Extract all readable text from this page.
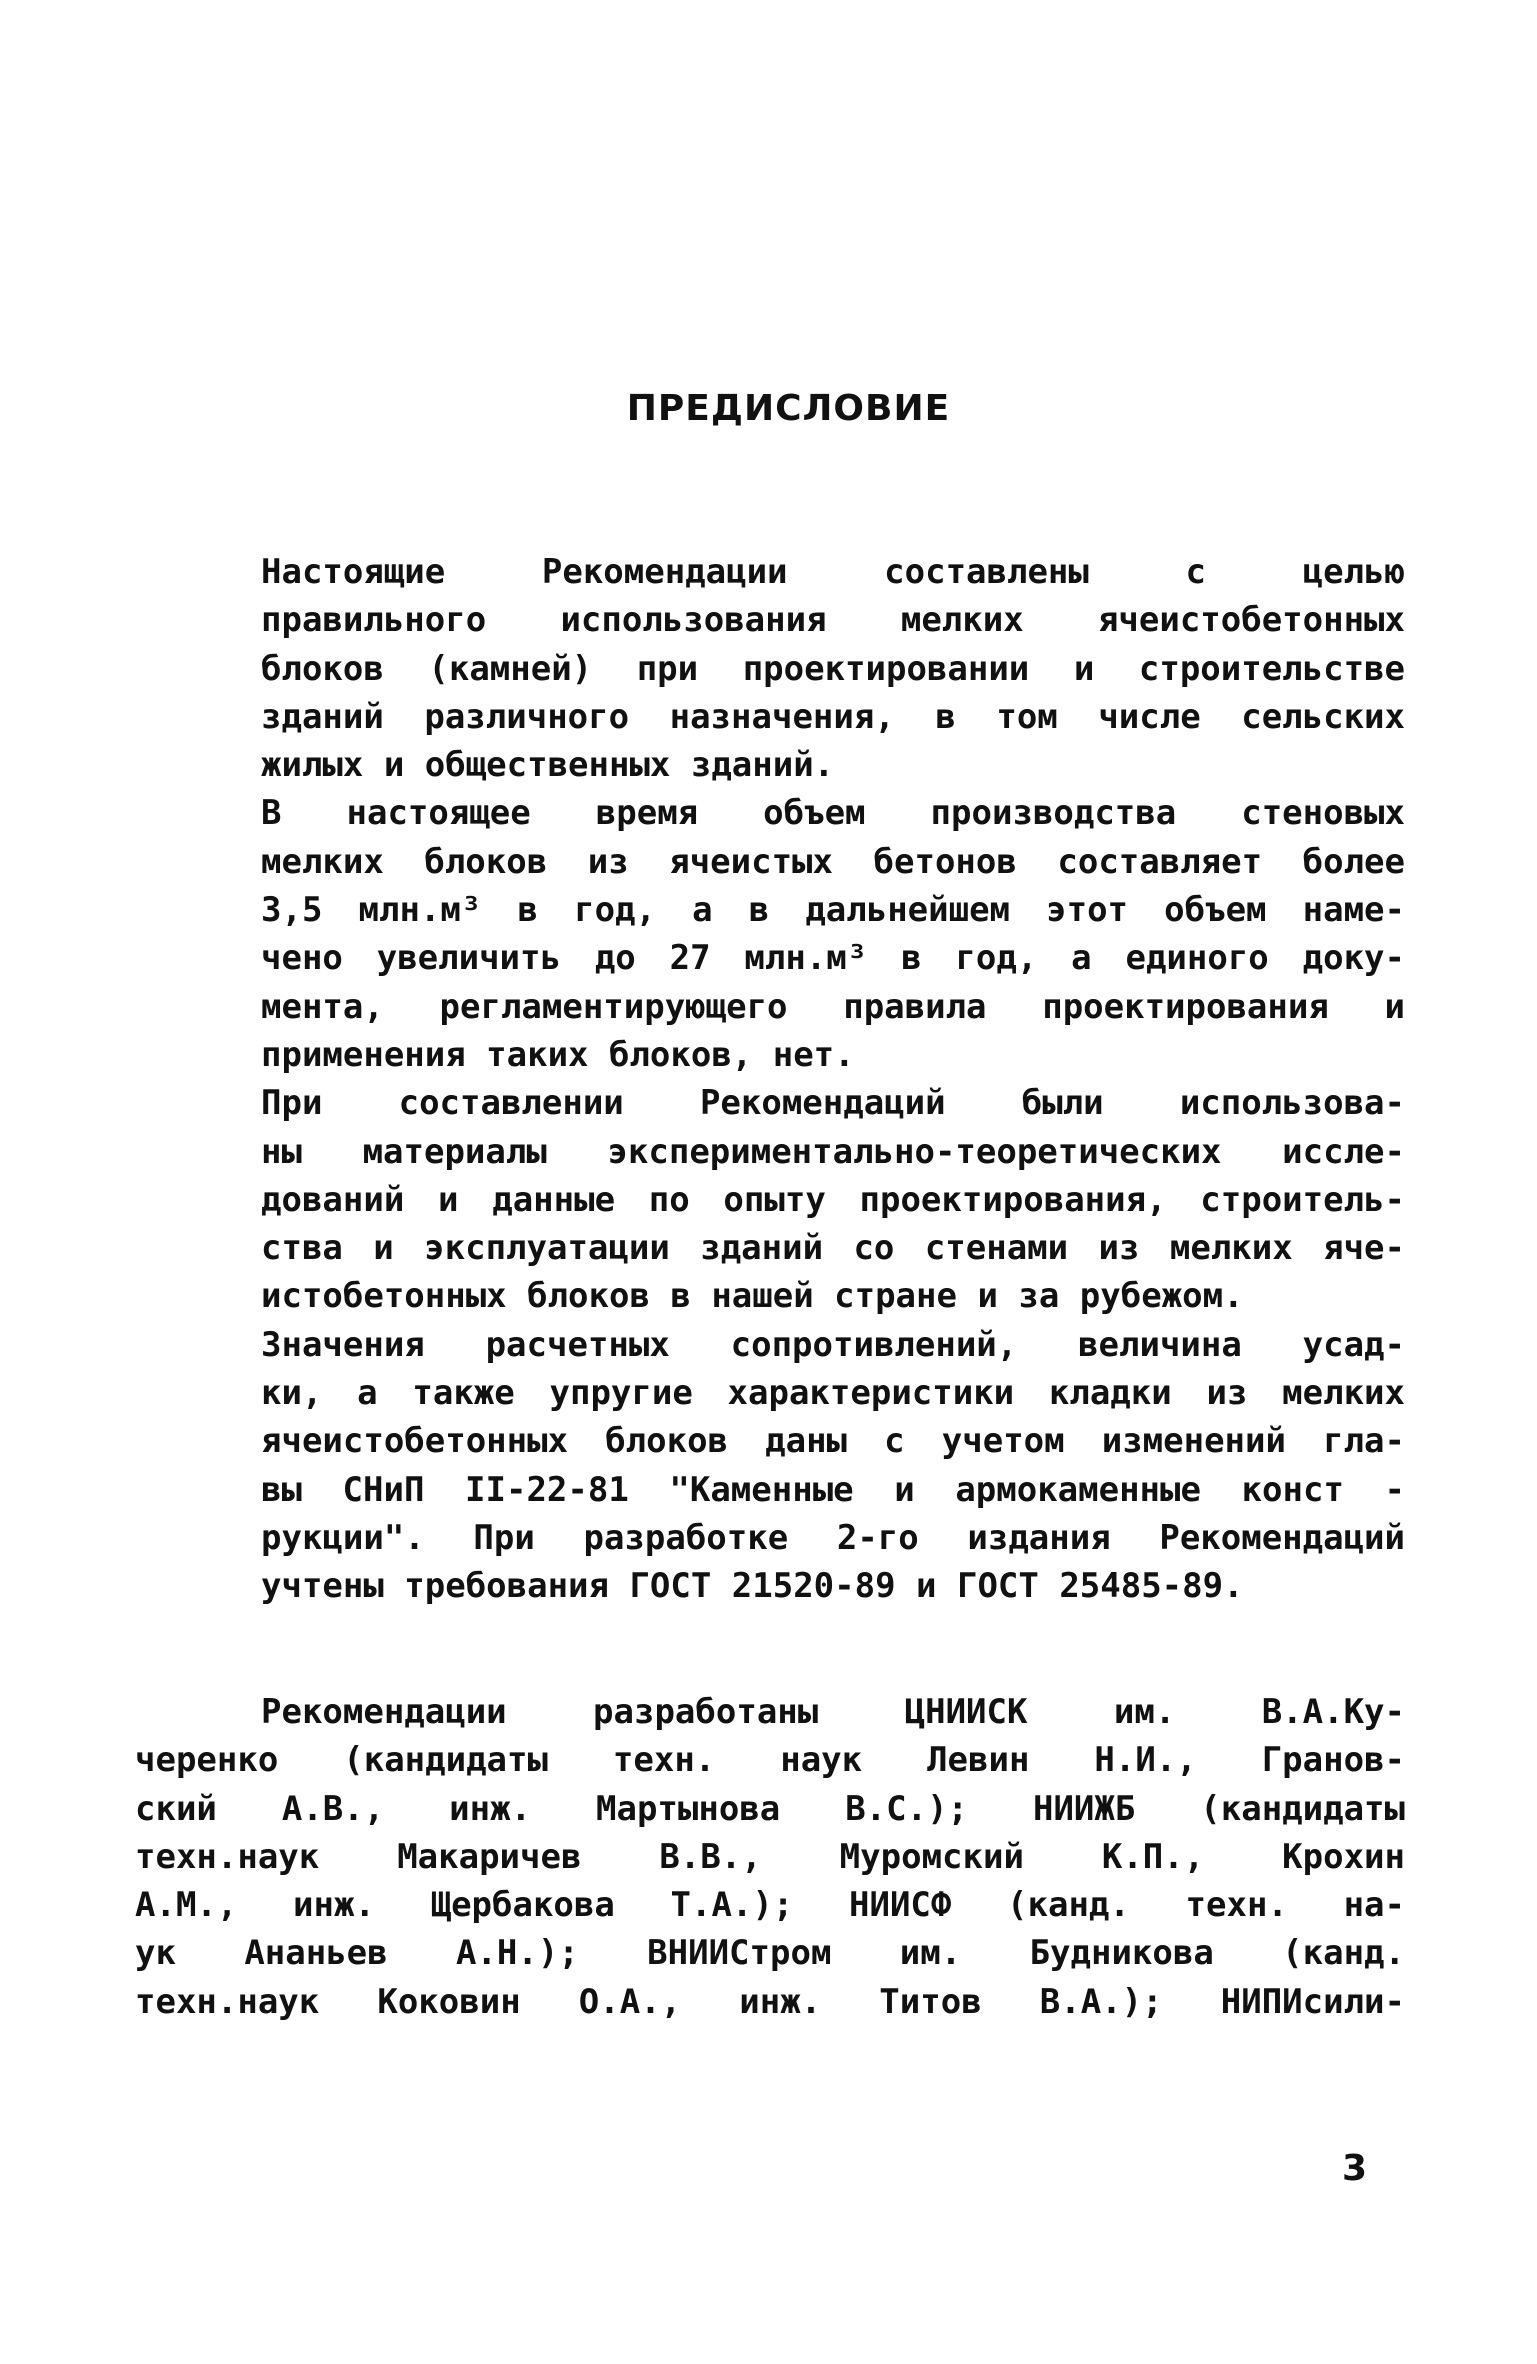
ПРЕДИСЛОВИЕ

Настоящие Рекомендации составлены с целью
правильного использования мелких ячеистобетонных
блоков (камней) при проектировании и строительстве
зданий различного назначения, в том числе сельских
жилых и общественных зданий.

В настоящее время объем производства стеновых
мелких блоков из ячеистых бетонов составляет более
3,5 млн.м³ в год, а в дальнейшем этот объем наме-
чено увеличить до 27 млн.м³ в год, а единого доку-
мента, регламентирующего правила проектирования и
применения таких блоков, нет.

При составлении Рекомендаций были использова-
ны материалы экспериментально-теоретических иссле-
дований и данные по опыту проектирования, строитель-
ства и эксплуатации зданий со стенами из мелких яче-
истобетонных блоков в нашей стране и за рубежом.

Значения расчетных сопротивлений, величина усад-
ки, а также упругие характеристики кладки из мелких
ячеистобетонных блоков даны с учетом изменений гла-
вы СНиП II-22-81 "Каменные и армокаменные конст -
рукции". При разработке 2-го издания Рекомендаций
учтены требования ГОСТ 21520-89 и ГОСТ 25485-89.

Рекомендации разработаны ЦНИИСК им. В.А.Ку-
черенко (кандидаты техн. наук Левин Н.И., Гранов-
ский А.В., инж. Мартынова В.С.); НИИЖБ (кандидаты
техн.наук Макаричев В.В., Муромский К.П., Крохин
А.М., инж. Щербакова Т.А.); НИИСФ (канд. техн. на-
ук Ананьев А.Н.); ВНИИСтром им. Будникова (канд.
техн.наук Коковин О.А., инж. Титов В.А.); НИПИсили-
3
